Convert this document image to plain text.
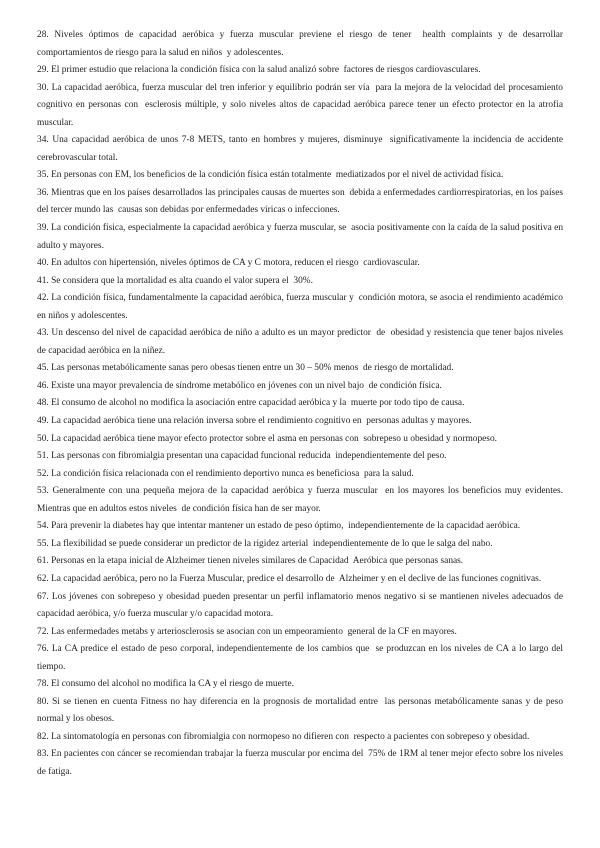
28. Niveles óptimos de capacidad aeróbica y fuerza muscular previene el riesgo de tener  health complaints y de desarrollar comportamientos de riesgo para la salud en niños  y adolescentes.

29. El primer estudio que relaciona la condición física con la salud analizó sobre  factores de riesgos cardiovasculares.

30. La capacidad aeróbica, fuerza muscular del tren inferior y equilibrio podrán ser vía  para la mejora de la velocidad del procesamiento cognitivo en personas con  esclerosis múltiple, y solo niveles altos de capacidad aeróbica parece tener un efecto protector en la atrofia muscular.

34. Una capacidad aeróbica de unos 7-8 METS, tanto en hombres y mujeres, disminuye  significativamente la incidencia de accidente cerebrovascular total.

35. En personas con EM, los beneficios de la condición física están totalmente  mediatizados por el nivel de actividad física.

36. Mientras que en los países desarrollados las principales causas de muertes son  debida a enfermedades cardiorrespiratorias, en los países del tercer mundo las  causas son debidas por enfermedades víricas o infecciones.

39. La condición física, especialmente la capacidad aeróbica y fuerza muscular, se  asocia positivamente con la caída de la salud positiva en adulto y mayores.

40. En adultos con hipertensión, niveles óptimos de CA y C motora, reducen el riesgo  cardiovascular.

41. Se considera que la mortalidad es alta cuando el valor supera el  30%.

42. La condición física, fundamentalmente la capacidad aeróbica, fuerza muscular y  condición motora, se asocia el rendimiento académico en niños y adolescentes.

43. Un descenso del nivel de capacidad aeróbica de niño a adulto es un mayor predictor  de  obesidad y resistencia que tener bajos niveles de capacidad aeróbica en la niñez.

45. Las personas metabólicamente sanas pero obesas tienen entre un 30 – 50% menos  de riesgo de mortalidad.

46. Existe una mayor prevalencia de síndrome metabólico en jóvenes con un nivel bajo  de condición física.

48. El consumo de alcohol no modifica la asociación entre capacidad aeróbica y la  muerte por todo tipo de causa.

49. La capacidad aeróbica tiene una relación inversa sobre el rendimiento cognitivo en  personas adultas y mayores.

50. La capacidad aeróbica tiene mayor efecto protector sobre el asma en personas con  sobrepeso u obesidad y normopeso.

51. Las personas con fibromialgia presentan una capacidad funcional reducida  independientemente del peso.

52. La condición física relacionada con el rendimiento deportivo nunca es beneficiosa  para la salud.

53. Generalmente con una pequeña mejora de la capacidad aeróbica y fuerza muscular  en los mayores los beneficios muy evidentes. Mientras que en adultos estos niveles  de condición física han de ser mayor.

54. Para prevenir la diabetes hay que intentar mantener un estado de peso óptimo,  independientemente de la capacidad aeróbica.

55. La flexibilidad se puede considerar un predictor de la rigidez arterial  independientemente de lo que le salga del nabo.

61. Personas en la etapa inicial de Alzheimer tienen niveles similares de Capacidad  Aeróbica que personas sanas.

62. La capacidad aeróbica, pero no la Fuerza Muscular, predice el desarrollo de  Alzheimer y en el declive de las funciones cognitivas.

67. Los jóvenes con sobrepeso y obesidad pueden presentar un perfil inflamatorio menos negativo si se mantienen niveles adecuados de capacidad aeróbica, y/o fuerza muscular y/o capacidad motora.

72. Las enfermedades metabs y arteriosclerosis se asocian con un empeoramiento  general de la CF en mayores.

76. La CA predice el estado de peso corporal, independientemente de los cambios que  se produzcan en los niveles de CA a lo largo del tiempo.

78. El consumo del alcohol no modifica la CA y el riesgo de muerte.

80. Si se tienen en cuenta Fitness no hay diferencia en la prognosis de mortalidad entre  las personas metabólicamente sanas y de peso normal y los obesos.

82. La sintomatología en personas con fibromialgia con normopeso no difieren con  respecto a pacientes con sobrepeso y obesidad.

83. En pacientes con cáncer se recomiendan trabajar la fuerza muscular por encima del  75% de 1RM al tener mejor efecto sobre los niveles de fatiga.
